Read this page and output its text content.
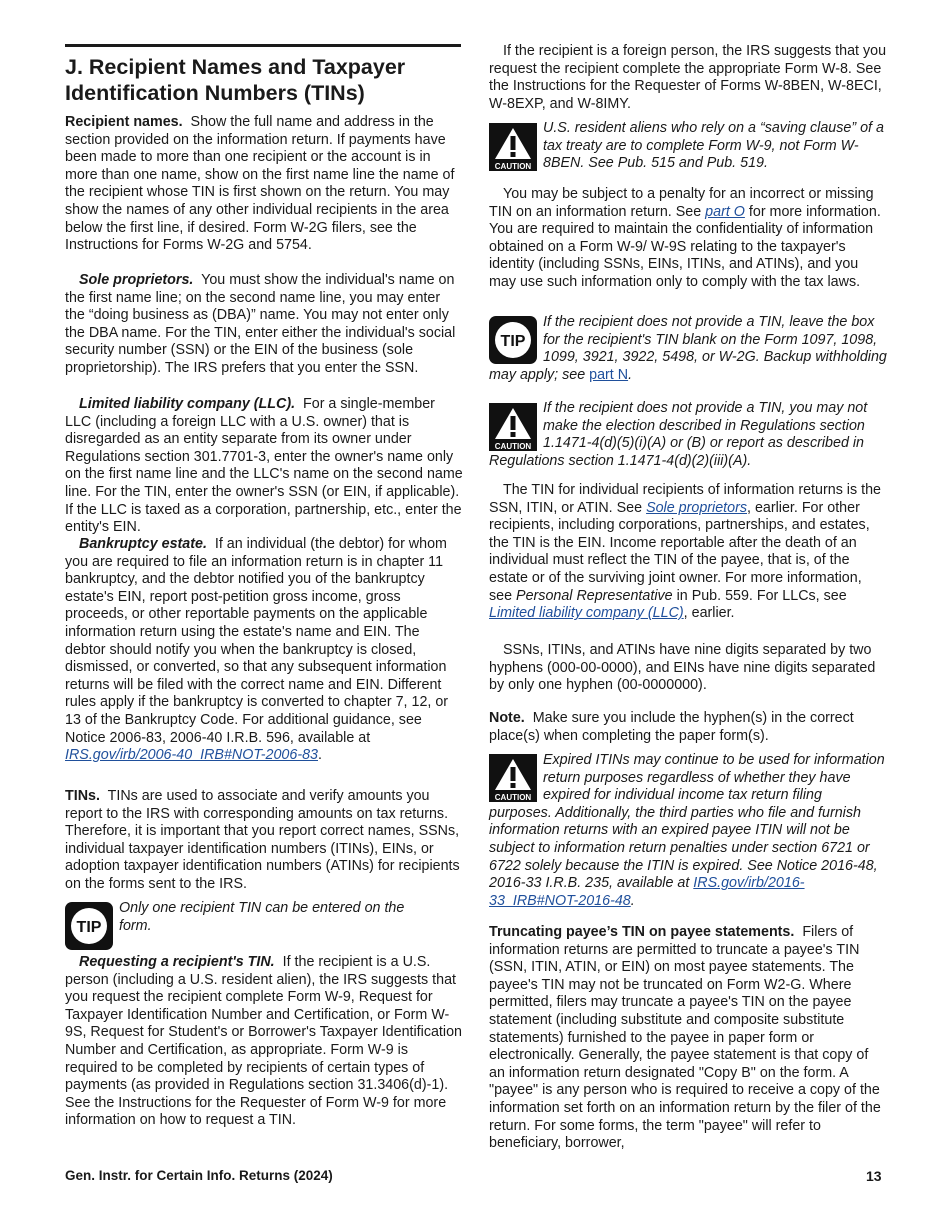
J. Recipient Names and Taxpayer Identification Numbers (TINs)

Recipient names. Show the full name and address in the section provided on the information return. If payments have been made to more than one recipient or the account is in more than one name, show on the first name line the name of the recipient whose TIN is first shown on the return. You may show the names of any other individual recipients in the area below the first line, if desired. Form W-2G filers, see the Instructions for Forms W-2G and 5754.

Sole proprietors. You must show the individual's name on the first name line; on the second name line, you may enter the “doing business as (DBA)” name. You may not enter only the DBA name. For the TIN, enter either the individual's social security number (SSN) or the EIN of the business (sole proprietorship). The IRS prefers that you enter the SSN.

Limited liability company (LLC). For a single-member LLC (including a foreign LLC with a U.S. owner) that is disregarded as an entity separate from its owner under Regulations section 301.7701-3, enter the owner's name only on the first name line and the LLC's name on the second name line. For the TIN, enter the owner's SSN (or EIN, if applicable). If the LLC is taxed as a corporation, partnership, etc., enter the entity's EIN.

Bankruptcy estate. If an individual (the debtor) for whom you are required to file an information return is in chapter 11 bankruptcy, and the debtor notified you of the bankruptcy estate's EIN, report post-petition gross income, gross proceeds, or other reportable payments on the applicable information return using the estate's name and EIN. The debtor should notify you when the bankruptcy is closed, dismissed, or converted, so that any subsequent information returns will be filed with the correct name and EIN. Different rules apply if the bankruptcy is converted to chapter 7, 12, or 13 of the Bankruptcy Code. For additional guidance, see Notice 2006-83, 2006-40 I.R.B. 596, available at IRS.gov/irb/2006-40_IRB#NOT-2006-83.

TINs. TINs are used to associate and verify amounts you report to the IRS with corresponding amounts on tax returns. Therefore, it is important that you report correct names, SSNs, individual taxpayer identification numbers (ITINs), EINs, or adoption taxpayer identification numbers (ATINs) for recipients on the forms sent to the IRS.

TIP

Only one recipient TIN can be entered on the form.

Requesting a recipient's TIN. If the recipient is a U.S. person (including a U.S. resident alien), the IRS suggests that you request the recipient complete Form W-9, Request for Taxpayer Identification Number and Certification, or Form W-9S, Request for Student's or Borrower's Taxpayer Identification Number and Certification, as appropriate. Form W-9 is required to be completed by recipients of certain types of payments (as provided in Regulations section 31.3406(d)-1). See the Instructions for the Requester of Form W-9 for more information on how to request a TIN.

If the recipient is a foreign person, the IRS suggests that you request the recipient complete the appropriate Form W-8. See the Instructions for the Requester of Forms W-8BEN, W-8ECI, W-8EXP, and W-8IMY.

CAUTION

U.S. resident aliens who rely on a “saving clause” of a tax treaty are to complete Form W-9, not Form W-8BEN. See Pub. 515 and Pub. 519.

You may be subject to a penalty for an incorrect or missing TIN on an information return. See part O for more information. You are required to maintain the confidentiality of information obtained on a Form W-9/ W-9S relating to the taxpayer's identity (including SSNs, EINs, ITINs, and ATINs), and you may use such information only to comply with the tax laws.

TIP

If the recipient does not provide a TIN, leave the box for the recipient's TIN blank on the Form 1097, 1098, 1099, 3921, 3922, 5498, or W-2G. Backup withholding may apply; see part N.

CAUTION

If the recipient does not provide a TIN, you may not make the election described in Regulations section 1.1471-4(d)(5)(i)(A) or (B) or report as described in Regulations section 1.1471-4(d)(2)(iii)(A).

The TIN for individual recipients of information returns is the SSN, ITIN, or ATIN. See Sole proprietors, earlier. For other recipients, including corporations, partnerships, and estates, the TIN is the EIN. Income reportable after the death of an individual must reflect the TIN of the payee, that is, of the estate or of the surviving joint owner. For more information, see Personal Representative in Pub. 559. For LLCs, see Limited liability company (LLC), earlier.

SSNs, ITINs, and ATINs have nine digits separated by two hyphens (000-00-0000), and EINs have nine digits separated by only one hyphen (00-0000000).

Note. Make sure you include the hyphen(s) in the correct place(s) when completing the paper form(s).

CAUTION

Expired ITINs may continue to be used for information return purposes regardless of whether they have expired for individual income tax return filing purposes. Additionally, the third parties who file and furnish information returns with an expired payee ITIN will not be subject to information return penalties under section 6721 or 6722 solely because the ITIN is expired. See Notice 2016-48, 2016-33 I.R.B. 235, available at IRS.gov/irb/2016-33_IRB#NOT-2016-48.

Truncating payee’s TIN on payee statements. Filers of information returns are permitted to truncate a payee's TIN (SSN, ITIN, ATIN, or EIN) on most payee statements. The payee's TIN may not be truncated on Form W2-G. Where permitted, filers may truncate a payee's TIN on the payee statement (including substitute and composite substitute statements) furnished to the payee in paper form or electronically. Generally, the payee statement is that copy of an information return designated "Copy B" on the form. A "payee" is any person who is required to receive a copy of the information set forth on an information return by the filer of the return. For some forms, the term "payee" will refer to beneficiary, borrower,

Gen. Instr. for Certain Info. Returns (2024)	13
